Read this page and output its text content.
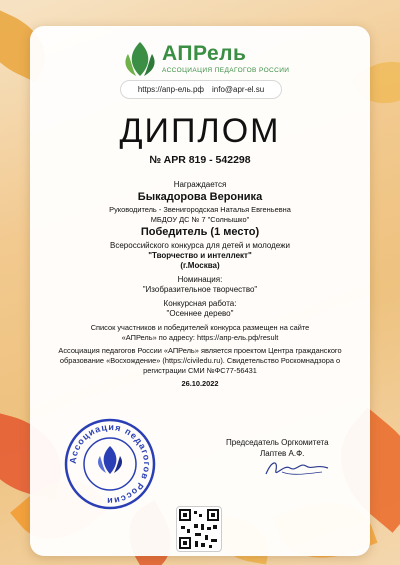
АПРель
АССОЦИАЦИЯ ПЕДАГОГОВ РОССИИ
https://апр-ель.рф info@apr-el.su
ДИПЛОМ
№ APR 819 - 542298
Награждается
Быкадорова Вероника
Руководитель - Звенигородская Наталья Евгеньевна
МБДОУ ДС № 7 "Солнышко"
Победитель (1 место)
Всероссийского конкурса для детей и молодежи
"Творчество и интеллект"
(г.Москва)
Номинация:
"Изобразительное творчество"
Конкурсная работа:
"Осеннее дерево"
Список участников и победителей конкурса размещен на сайте
«АПРель» по адресу: https://апр-ель.рф/result
Ассоциация педагогов России «АПРель» является проектом Центра гражданского
образование «Восхождение» (https://civiledu.ru). Свидетельство Роскомнадзора о
регистрации СМИ №ФС77-56431
26.10.2022
Ассоциация педагогов России
Председатель Оргкомитета
Лаптев А.Ф.
